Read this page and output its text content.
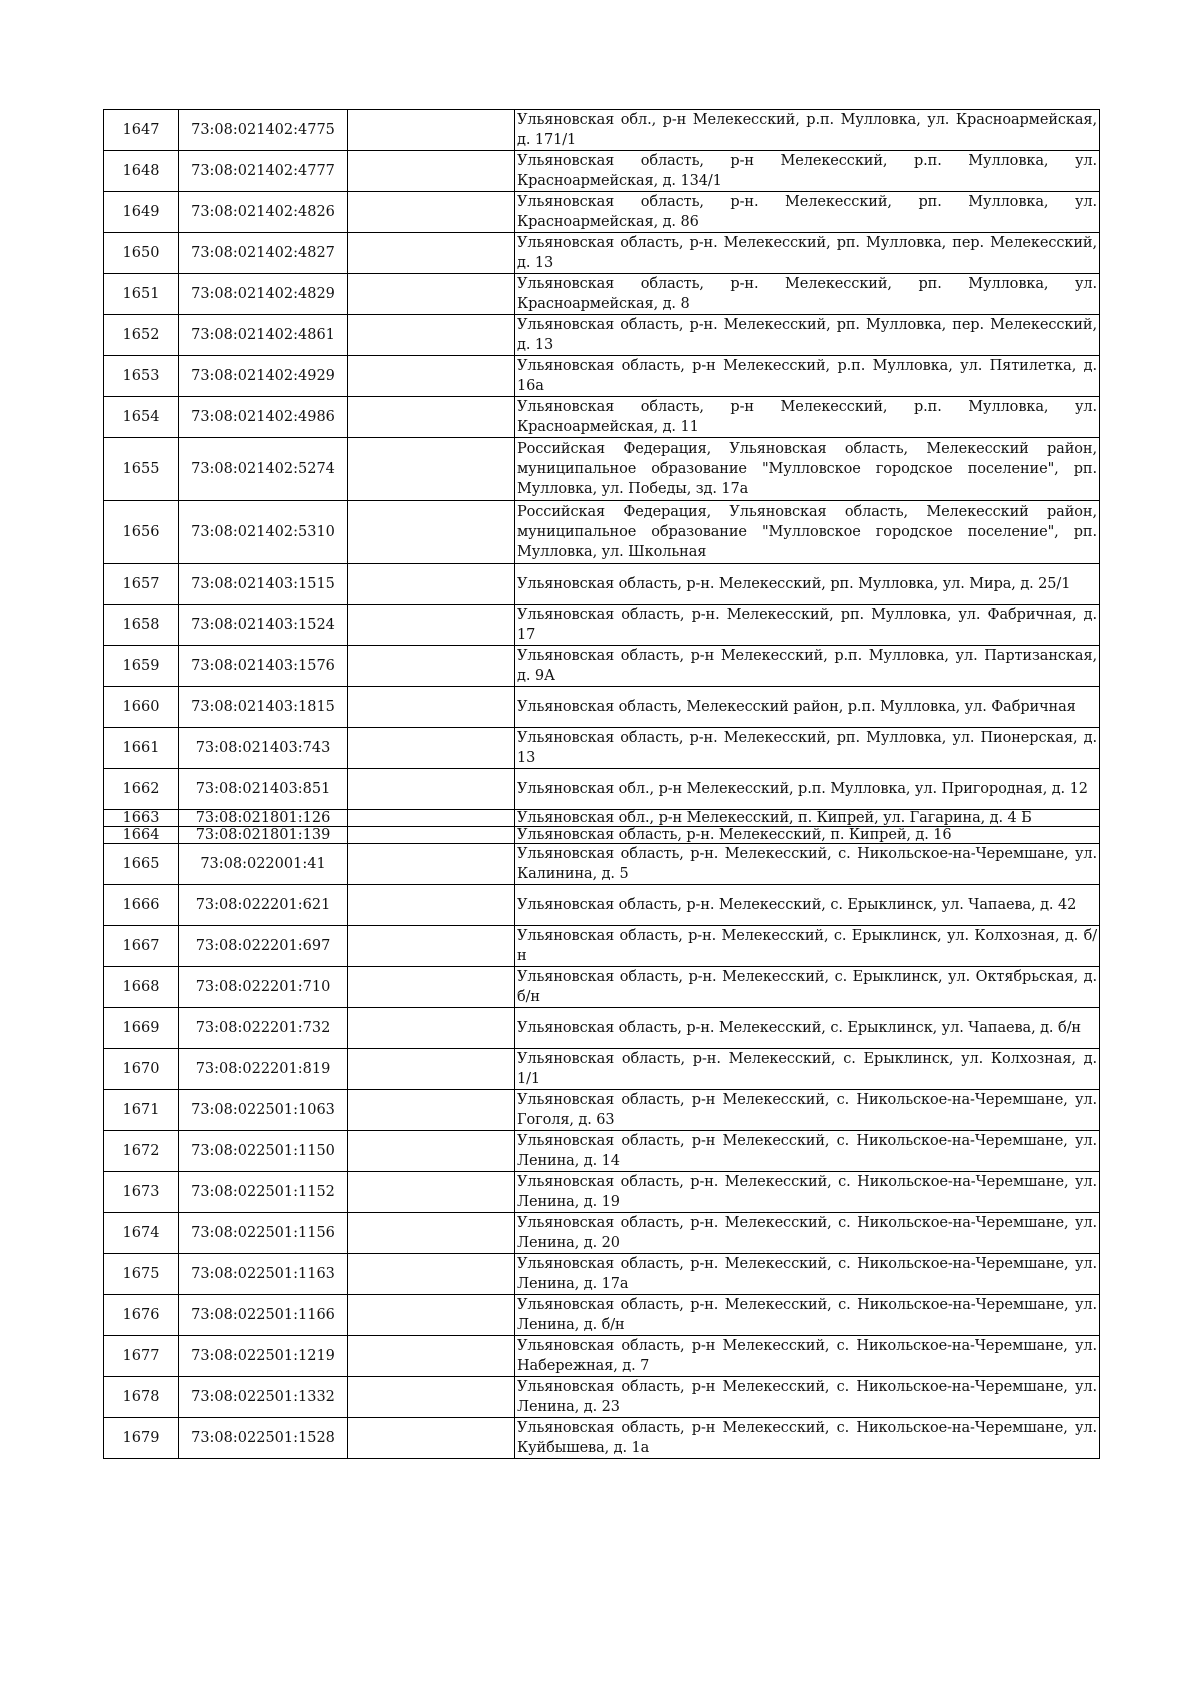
1647	73:08:021402:4775		Ульяновская обл., р-н Мелекесский, р.п. Мулловка, ул. Красноармейская, д. 171/1
1648	73:08:021402:4777		Ульяновская область, р-н Мелекесский, р.п. Мулловка, ул. Красноармейская, д. 134/1
1649	73:08:021402:4826		Ульяновская область, р-н. Мелекесский, рп. Мулловка, ул. Красноармейская, д. 86
1650	73:08:021402:4827		Ульяновская область, р-н. Мелекесский, рп. Мулловка, пер. Мелекесский, д. 13
1651	73:08:021402:4829		Ульяновская область, р-н. Мелекесский, рп. Мулловка, ул. Красноармейская, д. 8
1652	73:08:021402:4861		Ульяновская область, р-н. Мелекесский, рп. Мулловка, пер. Мелекесский, д. 13
1653	73:08:021402:4929		Ульяновская область, р-н Мелекесский, р.п. Мулловка, ул. Пятилетка, д. 16а
1654	73:08:021402:4986		Ульяновская область, р-н Мелекесский, р.п. Мулловка, ул. Красноармейская, д. 11
1655	73:08:021402:5274		Российская Федерация, Ульяновская область, Мелекесский район, муниципальное образование "Мулловское городское поселение", рп. Мулловка, ул. Победы, зд. 17а
1656	73:08:021402:5310		Российская Федерация, Ульяновская область, Мелекесский район, муниципальное образование "Мулловское городское поселение", рп. Мулловка, ул. Школьная
1657	73:08:021403:1515		Ульяновская область, р-н. Мелекесский, рп. Мулловка, ул. Мира, д. 25/1
1658	73:08:021403:1524		Ульяновская область, р-н. Мелекесский, рп. Мулловка, ул. Фабричная, д. 17
1659	73:08:021403:1576		Ульяновская область, р-н Мелекесский, р.п. Мулловка, ул. Партизанская, д. 9А
1660	73:08:021403:1815		Ульяновская область, Мелекесский район, р.п. Мулловка, ул. Фабричная
1661	73:08:021403:743		Ульяновская область, р-н. Мелекесский, рп. Мулловка, ул. Пионерская, д. 13
1662	73:08:021403:851		Ульяновская обл., р-н Мелекесский, р.п. Мулловка, ул. Пригородная, д. 12
1663	73:08:021801:126		Ульяновская обл., р-н Мелекесский, п. Кипрей, ул. Гагарина, д. 4 Б
1664	73:08:021801:139		Ульяновская область, р-н. Мелекесский, п. Кипрей, д. 16
1665	73:08:022001:41		Ульяновская область, р-н. Мелекесский, с. Никольское-на-Черемшане, ул. Калинина, д. 5
1666	73:08:022201:621		Ульяновская область, р-н. Мелекесский, с. Ерыклинск, ул. Чапаева, д. 42
1667	73:08:022201:697		Ульяновская область, р-н. Мелекесский, с. Ерыклинск, ул. Колхозная, д. б/н
1668	73:08:022201:710		Ульяновская область, р-н. Мелекесский, с. Ерыклинск, ул. Октябрьская, д. б/н
1669	73:08:022201:732		Ульяновская область, р-н. Мелекесский, с. Ерыклинск, ул. Чапаева, д. б/н
1670	73:08:022201:819		Ульяновская область, р-н. Мелекесский, с. Ерыклинск, ул. Колхозная, д. 1/1
1671	73:08:022501:1063		Ульяновская область, р-н Мелекесский, с. Никольское-на-Черемшане, ул. Гоголя, д. 63
1672	73:08:022501:1150		Ульяновская область, р-н Мелекесский, с. Никольское-на-Черемшане, ул. Ленина, д. 14
1673	73:08:022501:1152		Ульяновская область, р-н. Мелекесский, с. Никольское-на-Черемшане, ул. Ленина, д. 19
1674	73:08:022501:1156		Ульяновская область, р-н. Мелекесский, с. Никольское-на-Черемшане, ул. Ленина, д. 20
1675	73:08:022501:1163		Ульяновская область, р-н. Мелекесский, с. Никольское-на-Черемшане, ул. Ленина, д. 17а
1676	73:08:022501:1166		Ульяновская область, р-н. Мелекесский, с. Никольское-на-Черемшане, ул. Ленина, д. б/н
1677	73:08:022501:1219		Ульяновская область, р-н Мелекесский, с. Никольское-на-Черемшане, ул. Набережная, д. 7
1678	73:08:022501:1332		Ульяновская область, р-н Мелекесский, с. Никольское-на-Черемшане, ул. Ленина, д. 23
1679	73:08:022501:1528		Ульяновская область, р-н Мелекесский, с. Никольское-на-Черемшане, ул. Куйбышева, д. 1а
